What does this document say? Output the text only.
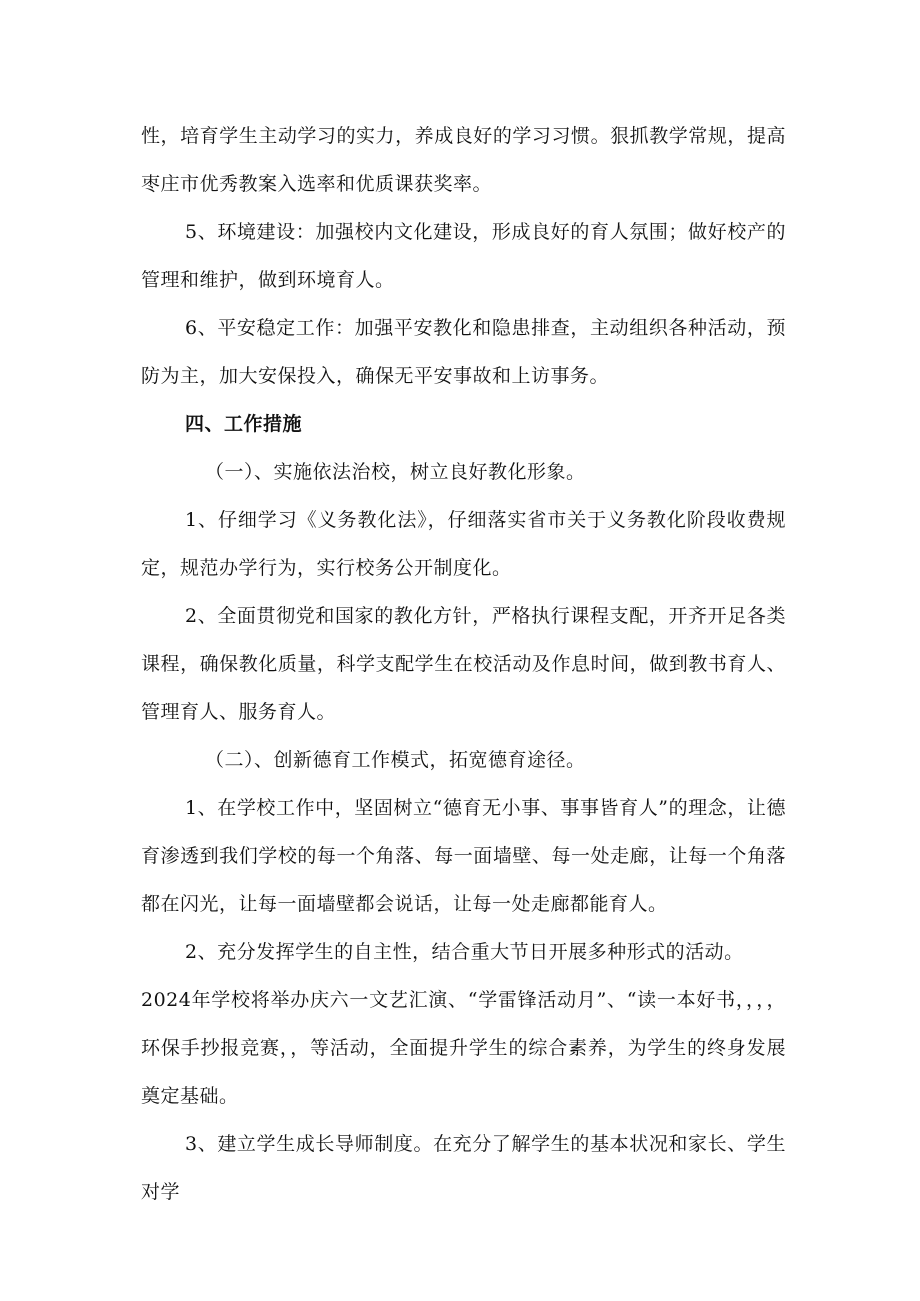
性，培育学生主动学习的实力，养成良好的学习习惯。狠抓教学常规，提高枣庄市优秀教案入选率和优质课获奖率。

5、环境建设：加强校内文化建设，形成良好的育人氛围；做好校产的管理和维护，做到环境育人。

6、平安稳定工作：加强平安教化和隐患排查，主动组织各种活动，预防为主，加大安保投入，确保无平安事故和上访事务。

四、工作措施

（一）、实施依法治校，树立良好教化形象。

1、仔细学习《义务教化法》，仔细落实省市关于义务教化阶段收费规定，规范办学行为，实行校务公开制度化。

2、全面贯彻党和国家的教化方针，严格执行课程支配，开齐开足各类课程，确保教化质量，科学支配学生在校活动及作息时间，做到教书育人、管理育人、服务育人。

（二）、创新德育工作模式，拓宽德育途径。

1、在学校工作中，坚固树立“德育无小事、事事皆育人”的理念，让德育渗透到我们学校的每一个角落、每一面墙壁、每一处走廊，让每一个角落都在闪光，让每一面墙壁都会说话，让每一处走廊都能育人。

2、充分发挥学生的自主性，结合重大节日开展多种形式的活动。

2024年学校将举办庆六一文艺汇演、“学雷锋活动月”、“读一本好书，，，，环保手抄报竞赛，，等活动，全面提升学生的综合素养，为学生的终身发展奠定基础。

3、建立学生成长导师制度。在充分了解学生的基本状况和家长、学生对学
